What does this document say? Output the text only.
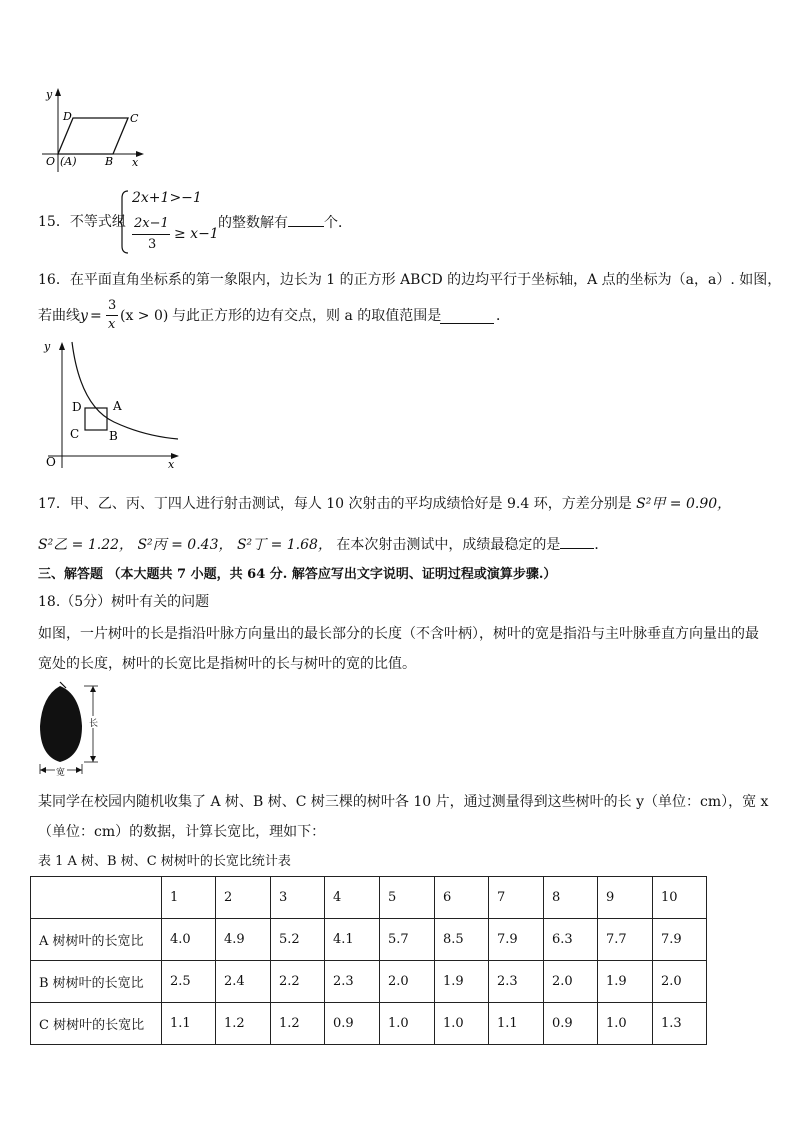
y
x
O (A)	B
C
D
15．不等式组
2x+1>−1
2x−1
3
≥ x−1
的整数解有	个．
16．在平面直角坐标系的第一象限内，边长为 1 的正方形 ABCD 的边均平行于坐标轴，A 点的坐标为（a，a）. 如图，
若曲线 y =
3
x
(x > 0) 与此正方形的边有交点，则 a 的取值范围是	．
y
x
O
A
B
C
D
17．甲、乙、丙、丁四人进行射击测试，每人 10 次射击的平均成绩恰好是 9.4 环，方差分别是 S²甲 = 0.90，
S²乙 = 1.22， S²丙 = 0.43， S²丁 = 1.68， 在本次射击测试中，成绩最稳定的是 ．
三、解答题 （本大题共 7 小题，共 64 分. 解答应写出文字说明、证明过程或演算步骤.）
18.（5分）树叶有关的问题
如图，一片树叶的长是指沿叶脉方向量出的最长部分的长度（不含叶柄），树叶的宽是指沿与主叶脉垂直方向量出的最
宽处的长度，树叶的长宽比是指树叶的长与树叶的宽的比值。
长
宽
某同学在校园内随机收集了 A 树、B 树、C 树三棵的树叶各 10 片，通过测量得到这些树叶的长 y（单位：cm），宽 x
（单位：cm）的数据，计算长宽比，理如下：
表 1 A 树、B 树、C 树树叶的长宽比统计表
	1	2	3	4	5	6	7	8	9	10
A 树树叶的长宽比	4.0	4.9	5.2	4.1	5.7	8.5	7.9	6.3	7.7	7.9
B 树树叶的长宽比	2.5	2.4	2.2	2.3	2.0	1.9	2.3	2.0	1.9	2.0
C 树树叶的长宽比	1.1	1.2	1.2	0.9	1.0	1.0	1.1	0.9	1.0	1.3
